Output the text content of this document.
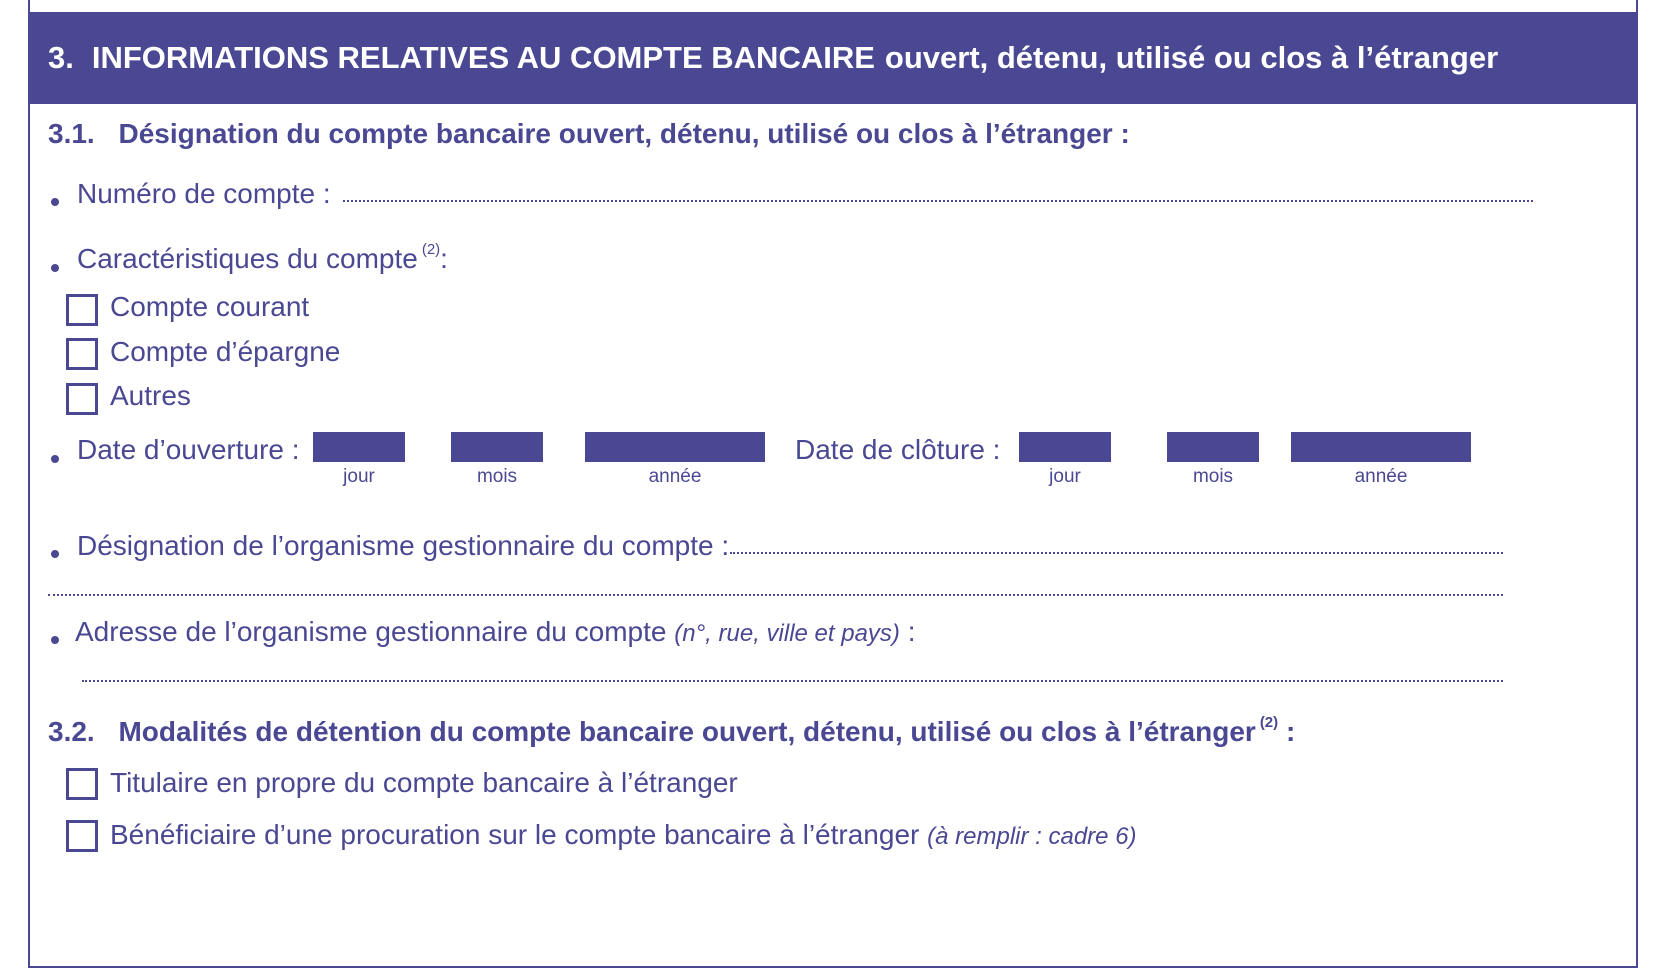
3. INFORMATIONS RELATIVES AU COMPTE BANCAIRE ouvert, détenu, utilisé ou clos à l’étranger
3.1. Désignation du compte bancaire ouvert, détenu, utilisé ou clos à l’étranger :
Numéro de compte :
Caractéristiques du compte $^{(2)}$:
Compte courant
Compte d’épargne
Autres
Date d’ouverture :
jour	mois	année
Date de clôture :
jour	mois	année
Désignation de l’organisme gestionnaire du compte :
Adresse de l’organisme gestionnaire du compte (n°, rue, ville et pays) :
3.2. Modalités de détention du compte bancaire ouvert, détenu, utilisé ou clos à l’étranger $^{(2)}$ :
Titulaire en propre du compte bancaire à l’étranger
Bénéficiaire d’une procuration sur le compte bancaire à l’étranger (à remplir : cadre 6)
